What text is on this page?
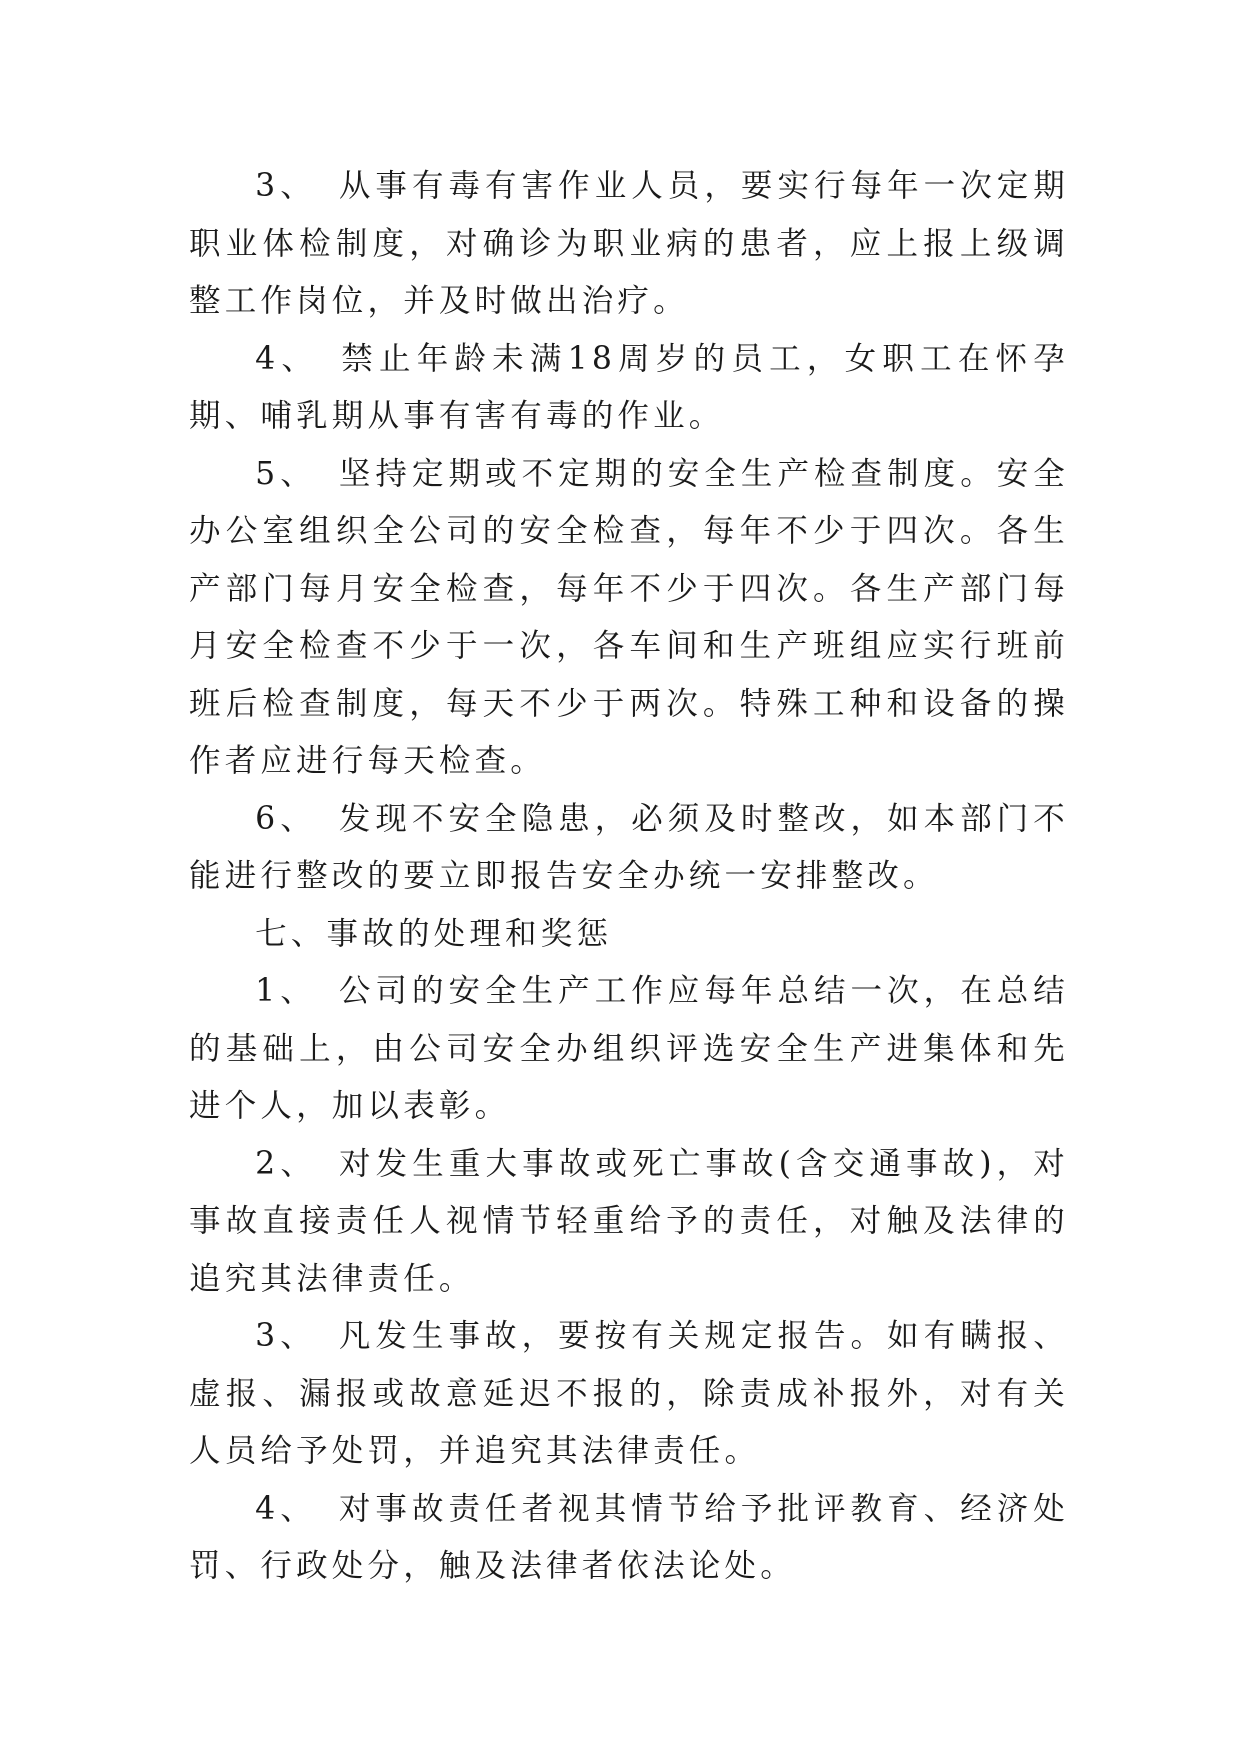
3、 从事有毒有害作业人员，要实行每年一次定期职业体检制度，对确诊为职业病的患者，应上报上级调整工作岗位，并及时做出治疗。

4、 禁止年龄未满18周岁的员工，女职工在怀孕期、哺乳期从事有害有毒的作业。

5、 坚持定期或不定期的安全生产检查制度。安全办公室组织全公司的安全检查，每年不少于四次。各生产部门每月安全检查，每年不少于四次。各生产部门每月安全检查不少于一次，各车间和生产班组应实行班前班后检查制度，每天不少于两次。特殊工种和设备的操作者应进行每天检查。

6、 发现不安全隐患，必须及时整改，如本部门不能进行整改的要立即报告安全办统一安排整改。

七、事故的处理和奖惩

1、 公司的安全生产工作应每年总结一次，在总结的基础上，由公司安全办组织评选安全生产进集体和先进个人，加以表彰。

2、 对发生重大事故或死亡事故(含交通事故)，对事故直接责任人视情节轻重给予的责任，对触及法律的追究其法律责任。

3、 凡发生事故，要按有关规定报告。如有瞒报、虚报、漏报或故意延迟不报的，除责成补报外，对有关人员给予处罚，并追究其法律责任。

4、 对事故责任者视其情节给予批评教育、经济处罚、行政处分，触及法律者依法论处。
